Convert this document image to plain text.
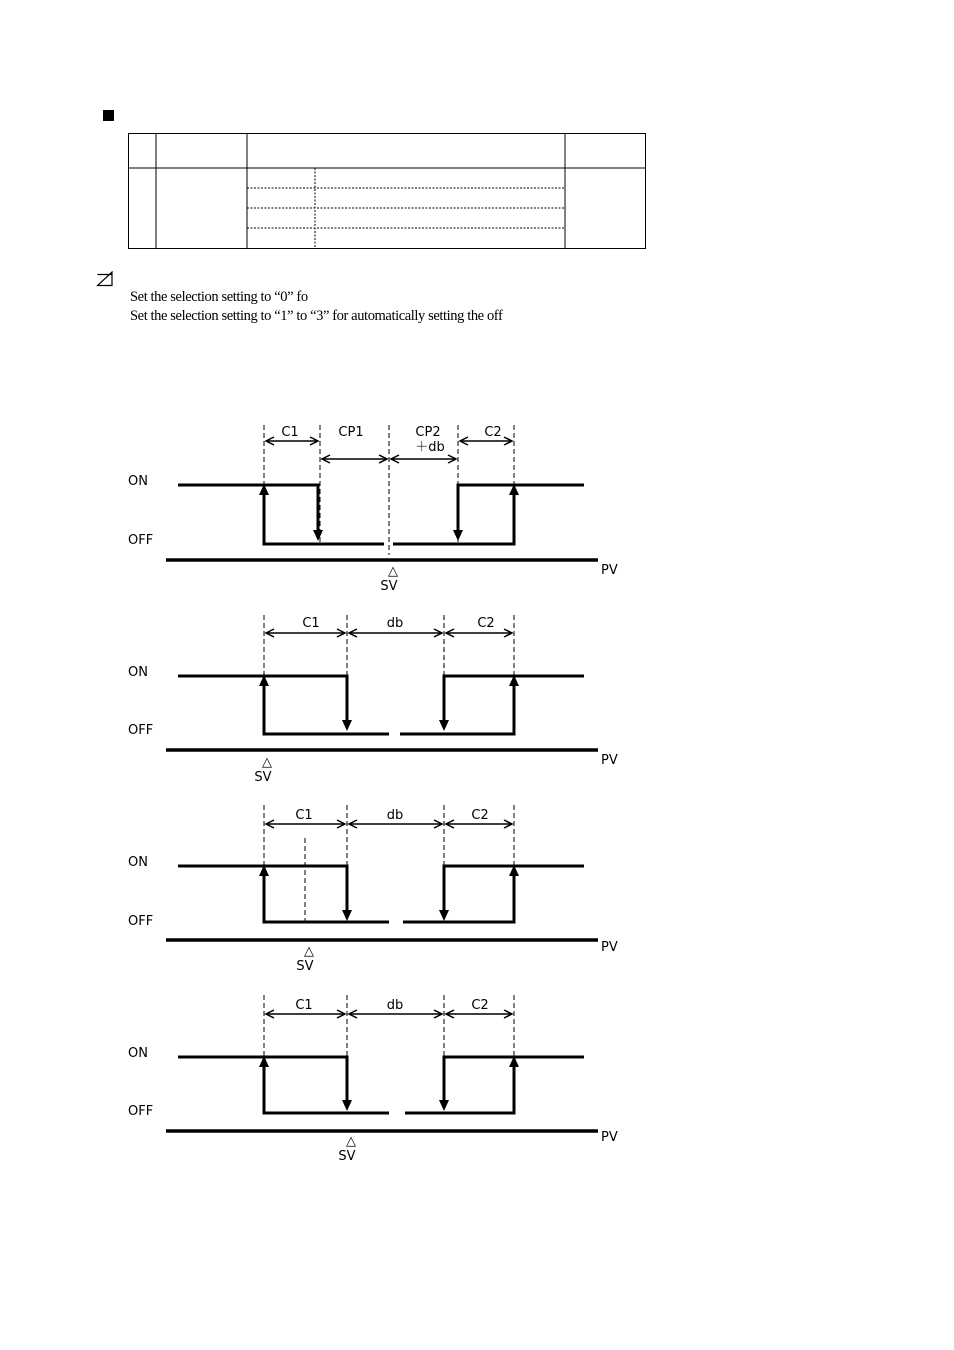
Set the selection setting to “0” fo
Set the selection setting to “1” to “3” for automatically setting the off
C1	CP1	CP2
＋db
C2
ON
OFF
PV
△
SV
C1	db	C2
ON
OFF
PV
△
SV
C1	db	C2
ON
OFF
PV
△
SV
C1	db	C2
ON
OFF
PV
△
SV
